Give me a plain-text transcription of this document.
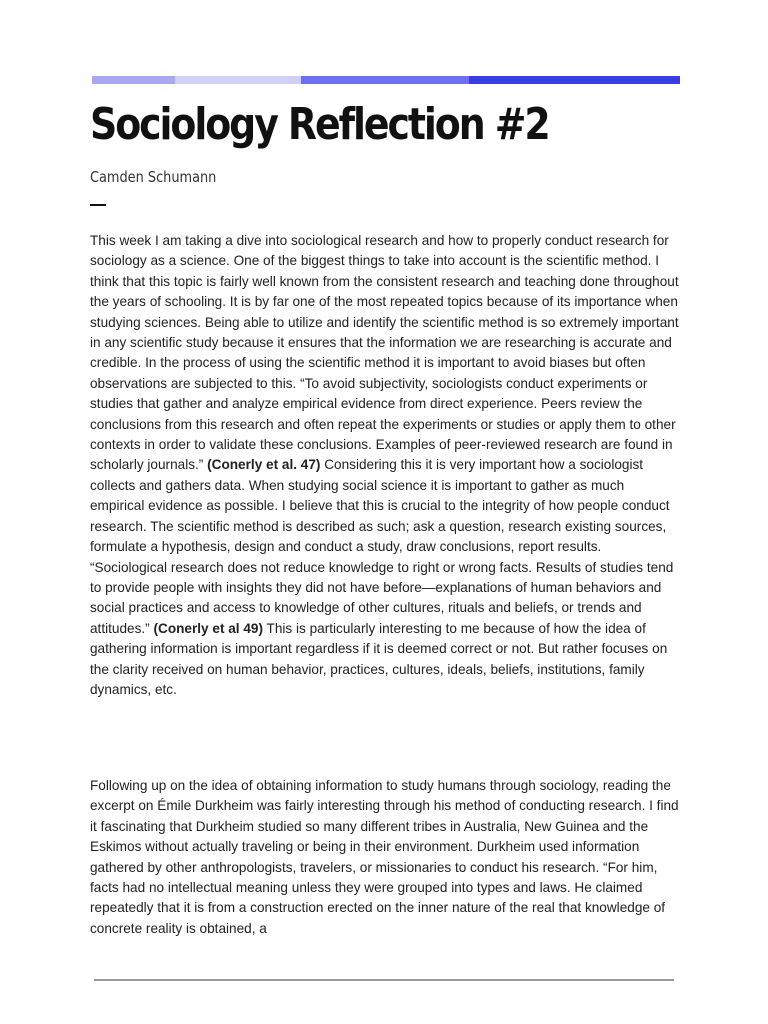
Sociology Reflection #2
Camden Schumann

This week I am taking a dive into sociological research and how to properly conduct research for sociology as a science. One of the biggest things to take into account is the scientific method. I think that this topic is fairly well known from the consistent research and teaching done throughout the years of schooling. It is by far one of the most repeated topics because of its importance when studying sciences. Being able to utilize and identify the scientific method is so extremely important in any scientific study because it ensures that the information we are researching is accurate and credible. In the process of using the scientific method it is important to avoid biases but often observations are subjected to this. “To avoid subjectivity, sociologists conduct experiments or studies that gather and analyze empirical evidence from direct experience. Peers review the conclusions from this research and often repeat the experiments or studies or apply them to other contexts in order to validate these conclusions. Examples of peer-reviewed research are found in scholarly journals.” (Conerly et al. 47) Considering this it is very important how a sociologist collects and gathers data. When studying social science it is important to gather as much empirical evidence as possible. I believe that this is crucial to the integrity of how people conduct research. The scientific method is described as such; ask a question, research existing sources, formulate a hypothesis, design and conduct a study, draw conclusions, report results. “Sociological research does not reduce knowledge to right or wrong facts. Results of studies tend to provide people with insights they did not have before—explanations of human behaviors and social practices and access to knowledge of other cultures, rituals and beliefs, or trends and attitudes.” (Conerly et al 49) This is particularly interesting to me because of how the idea of gathering information is important regardless if it is deemed correct or not. But rather focuses on the clarity received on human behavior, practices, cultures, ideals, beliefs, institutions, family dynamics, etc.

Following up on the idea of obtaining information to study humans through sociology, reading the excerpt on Émile Durkheim was fairly interesting through his method of conducting research. I find it fascinating that Durkheim studied so many different tribes in Australia, New Guinea and the Eskimos without actually traveling or being in their environment. Durkheim used information gathered by other anthropologists, travelers, or missionaries to conduct his research. “For him, facts had no intellectual meaning unless they were grouped into types and laws. He claimed repeatedly that it is from a construction erected on the inner nature of the real that knowledge of concrete reality is obtained, a
